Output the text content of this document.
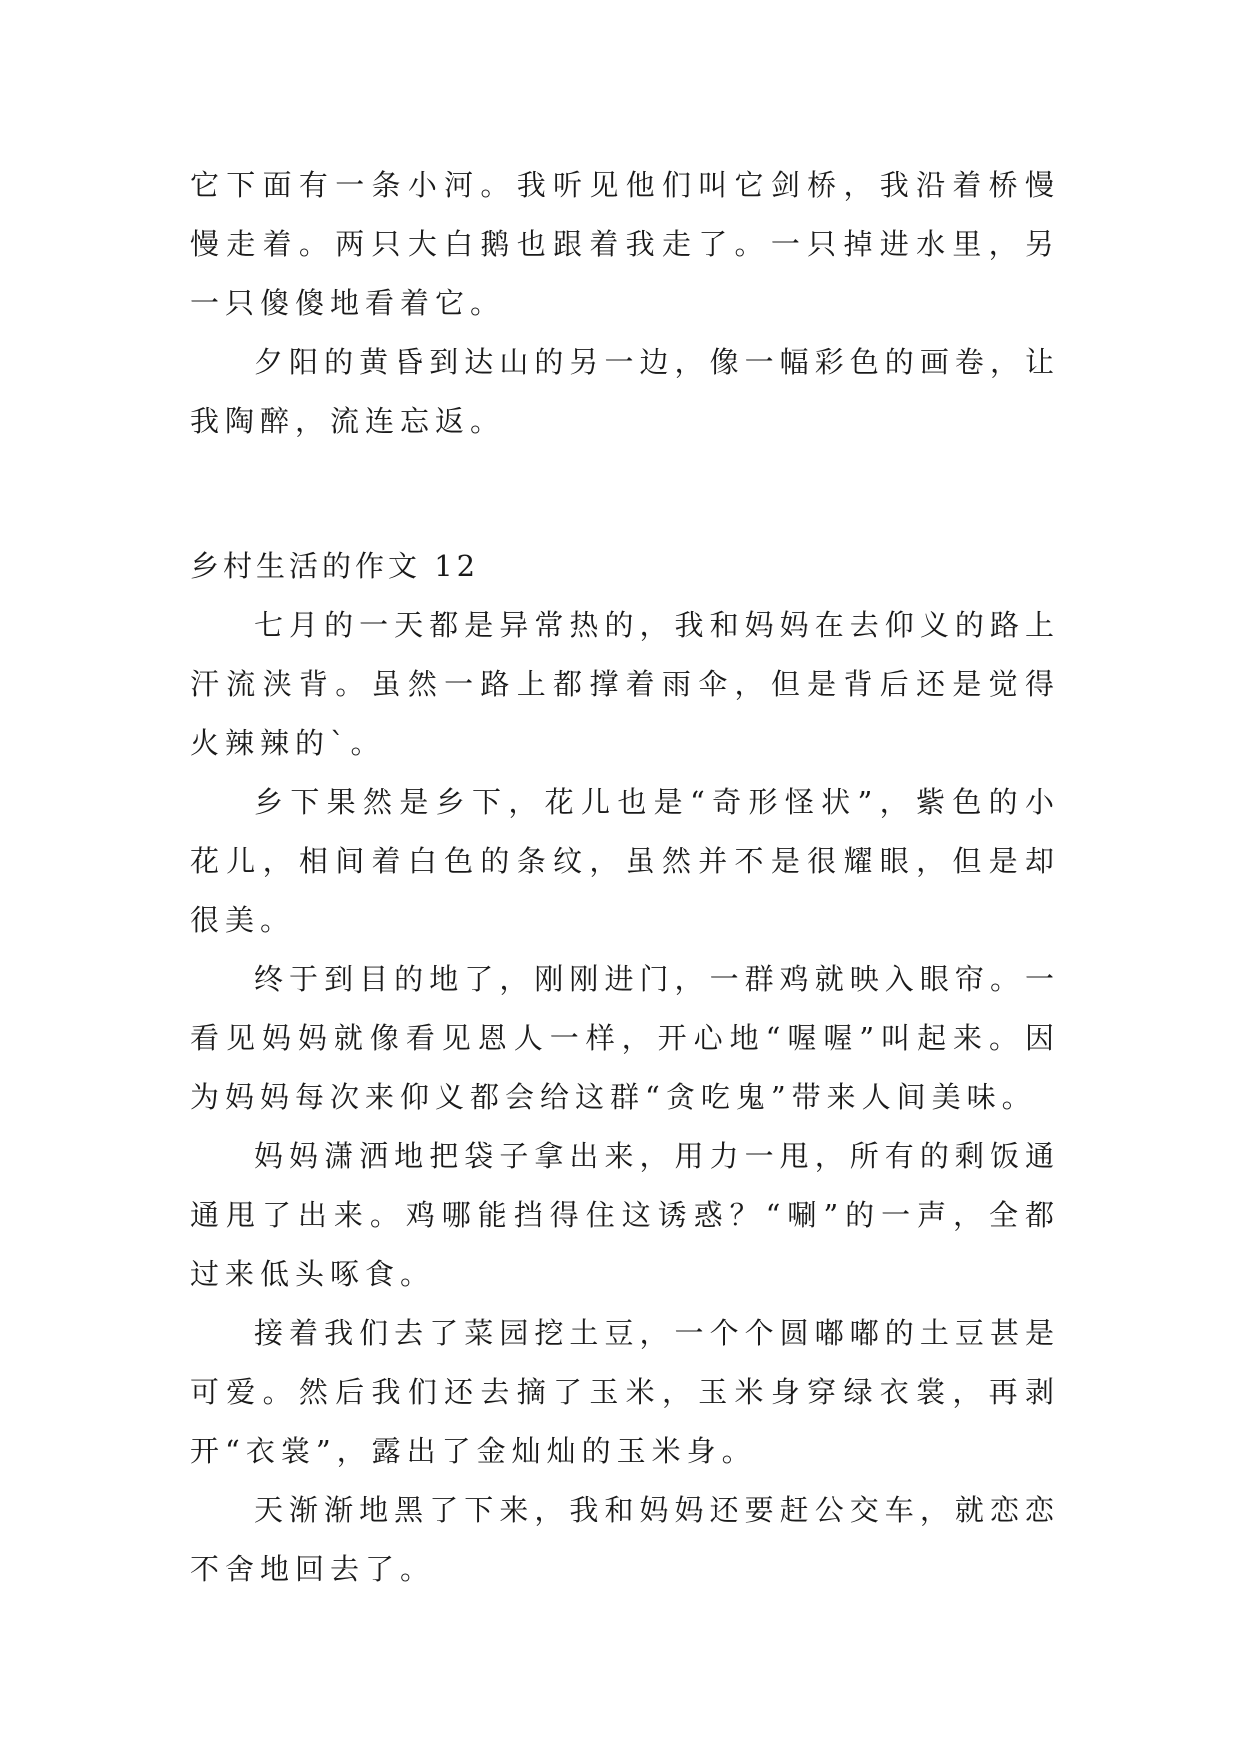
它下面有一条小河。我听见他们叫它剑桥，我沿着桥慢慢走着。两只大白鹅也跟着我走了。一只掉进水里，另一只傻傻地看着它。

夕阳的黄昏到达山的另一边，像一幅彩色的画卷，让我陶醉，流连忘返。

乡村生活的作文 12

七月的一天都是异常热的，我和妈妈在去仰义的路上汗流浃背。虽然一路上都撑着雨伞，但是背后还是觉得火辣辣的`。

乡下果然是乡下，花儿也是“奇形怪状”，紫色的小花儿，相间着白色的条纹，虽然并不是很耀眼，但是却很美。

终于到目的地了，刚刚进门，一群鸡就映入眼帘。一看见妈妈就像看见恩人一样，开心地“喔喔”叫起来。因为妈妈每次来仰义都会给这群“贪吃鬼”带来人间美味。

妈妈潇洒地把袋子拿出来，用力一甩，所有的剩饭通通甩了出来。鸡哪能挡得住这诱惑？“唰”的一声，全都过来低头啄食。

接着我们去了菜园挖土豆，一个个圆嘟嘟的土豆甚是可爱。然后我们还去摘了玉米，玉米身穿绿衣裳，再剥开“衣裳”，露出了金灿灿的玉米身。

天渐渐地黑了下来，我和妈妈还要赶公交车，就恋恋不舍地回去了。
